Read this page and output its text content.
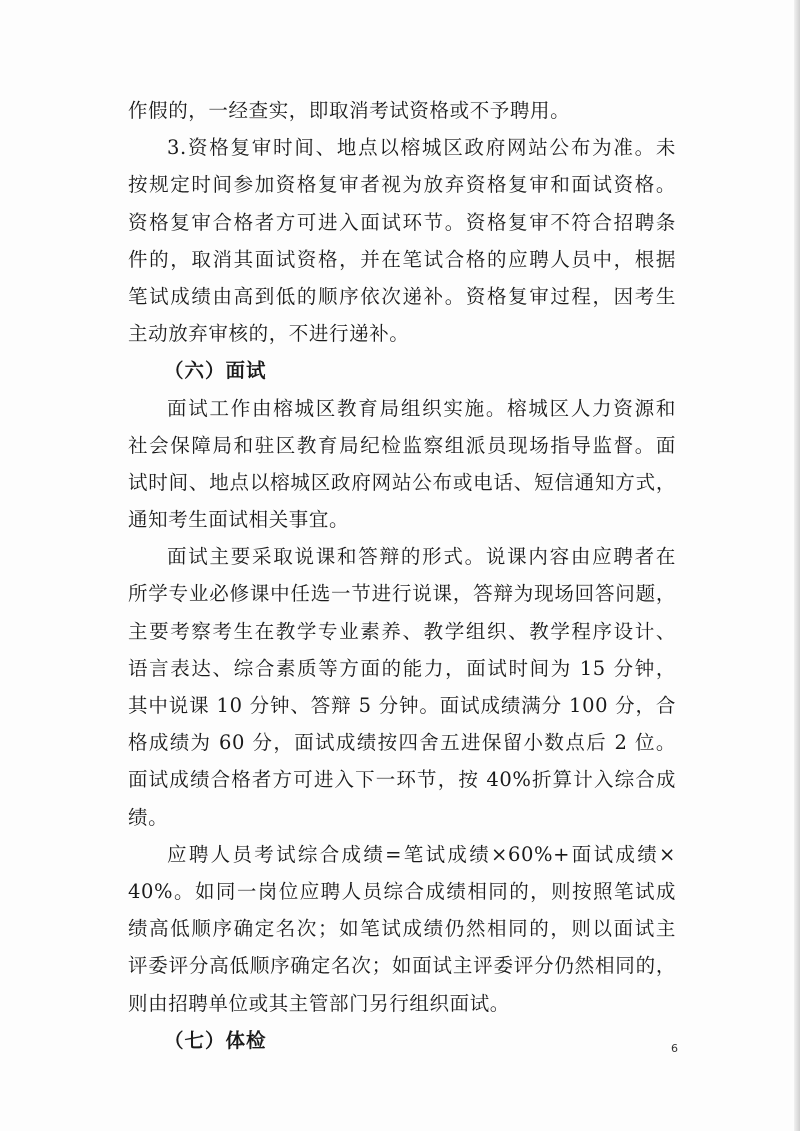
作假的，一经查实，即取消考试资格或不予聘用。
3.资格复审时间、地点以榕城区政府网站公布为准。未
按规定时间参加资格复审者视为放弃资格复审和面试资格。
资格复审合格者方可进入面试环节。资格复审不符合招聘条
件的，取消其面试资格，并在笔试合格的应聘人员中，根据
笔试成绩由高到低的顺序依次递补。资格复审过程，因考生
主动放弃审核的，不进行递补。
（六）面试
面试工作由榕城区教育局组织实施。榕城区人力资源和
社会保障局和驻区教育局纪检监察组派员现场指导监督。面
试时间、地点以榕城区政府网站公布或电话、短信通知方式，
通知考生面试相关事宜。
面试主要采取说课和答辩的形式。说课内容由应聘者在
所学专业必修课中任选一节进行说课，答辩为现场回答问题，
主要考察考生在教学专业素养、教学组织、教学程序设计、
语言表达、综合素质等方面的能力，面试时间为 15 分钟，
其中说课 10 分钟、答辩 5 分钟。面试成绩满分 100 分，合
格成绩为 60 分，面试成绩按四舍五进保留小数点后 2 位。
面试成绩合格者方可进入下一环节，按 40%折算计入综合成
绩。
应聘人员考试综合成绩=笔试成绩×60%+面试成绩×
40%。如同一岗位应聘人员综合成绩相同的，则按照笔试成
绩高低顺序确定名次；如笔试成绩仍然相同的，则以面试主
评委评分高低顺序确定名次；如面试主评委评分仍然相同的，
则由招聘单位或其主管部门另行组织面试。
（七）体检	6
